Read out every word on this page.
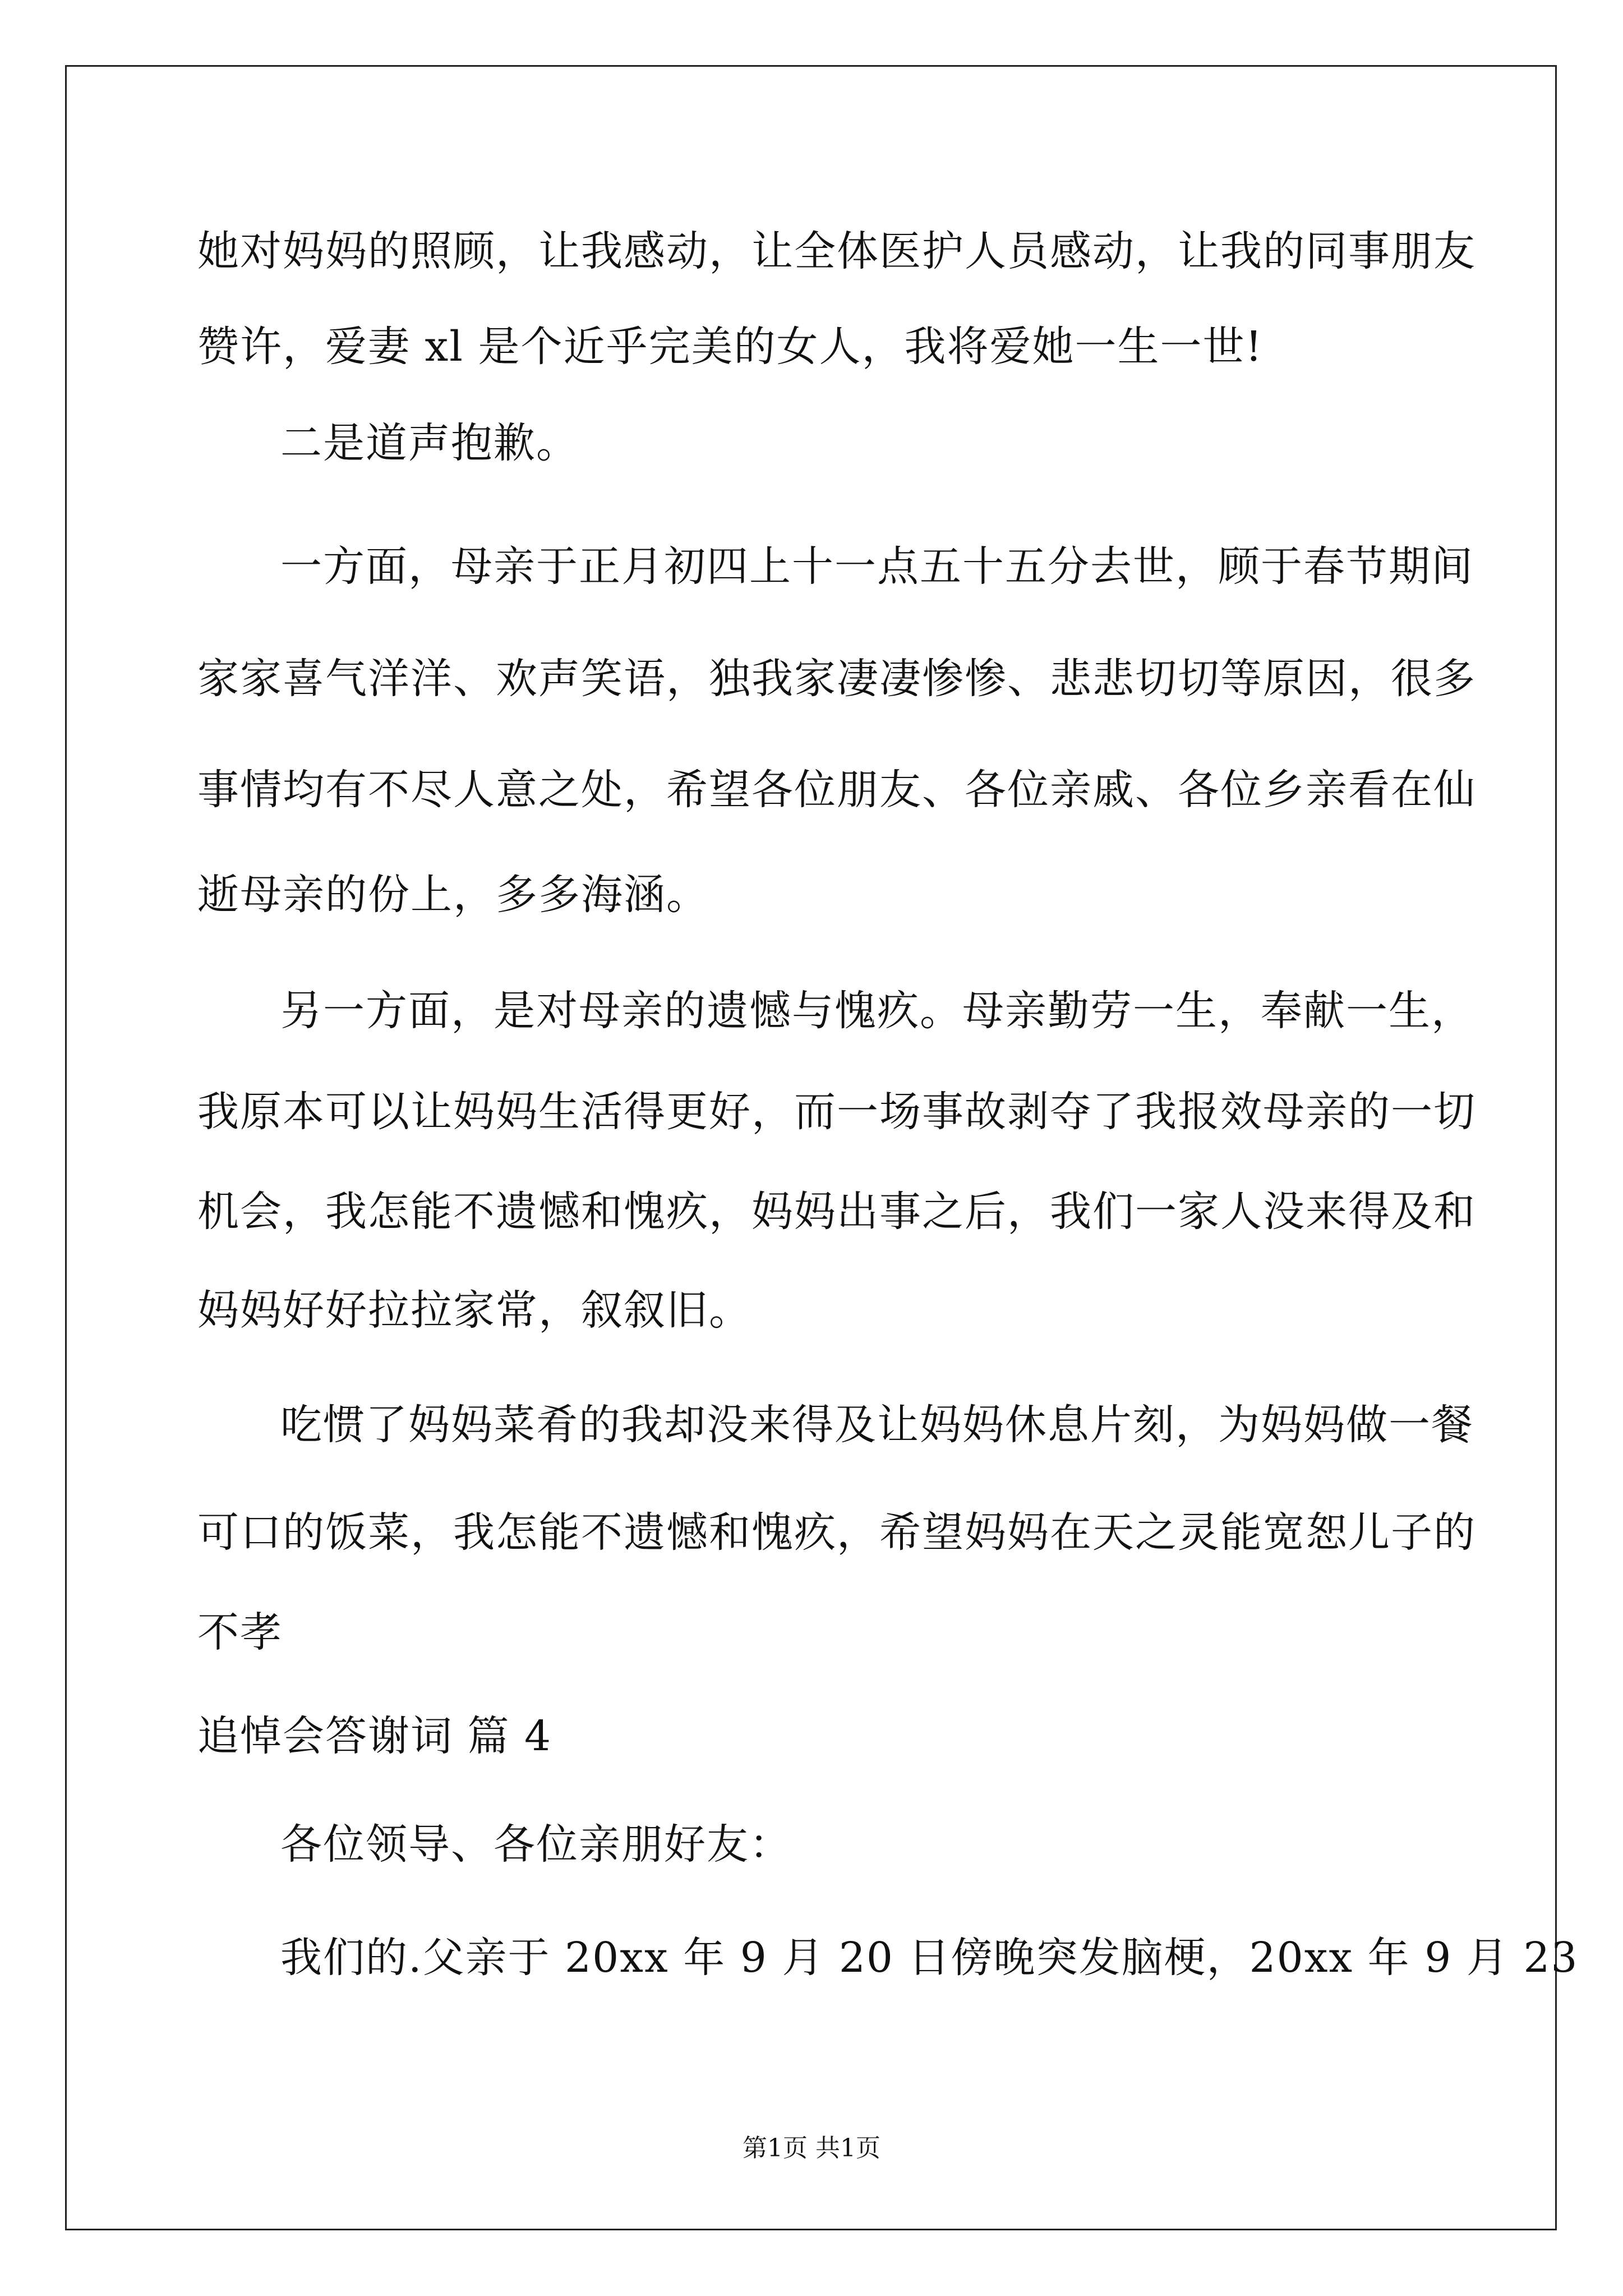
她对妈妈的照顾，让我感动，让全体医护人员感动，让我的同事朋友
赞许，爱妻 xl 是个近乎完美的女人，我将爱她一生一世!
二是道声抱歉。
一方面，母亲于正月初四上十一点五十五分去世，顾于春节期间
家家喜气洋洋、欢声笑语，独我家凄凄惨惨、悲悲切切等原因，很多
事情均有不尽人意之处，希望各位朋友、各位亲戚、各位乡亲看在仙
逝母亲的份上，多多海涵。
另一方面，是对母亲的遗憾与愧疚。母亲勤劳一生，奉献一生，
我原本可以让妈妈生活得更好，而一场事故剥夺了我报效母亲的一切
机会，我怎能不遗憾和愧疚，妈妈出事之后，我们一家人没来得及和
妈妈好好拉拉家常，叙叙旧。
吃惯了妈妈菜肴的我却没来得及让妈妈休息片刻，为妈妈做一餐
可口的饭菜，我怎能不遗憾和愧疚，希望妈妈在天之灵能宽恕儿子的
不孝
追悼会答谢词 篇 4
各位领导、各位亲朋好友：
我们的.父亲于 20xx 年 9 月 20 日傍晚突发脑梗，20xx 年 9 月 23
第1页 共1页
